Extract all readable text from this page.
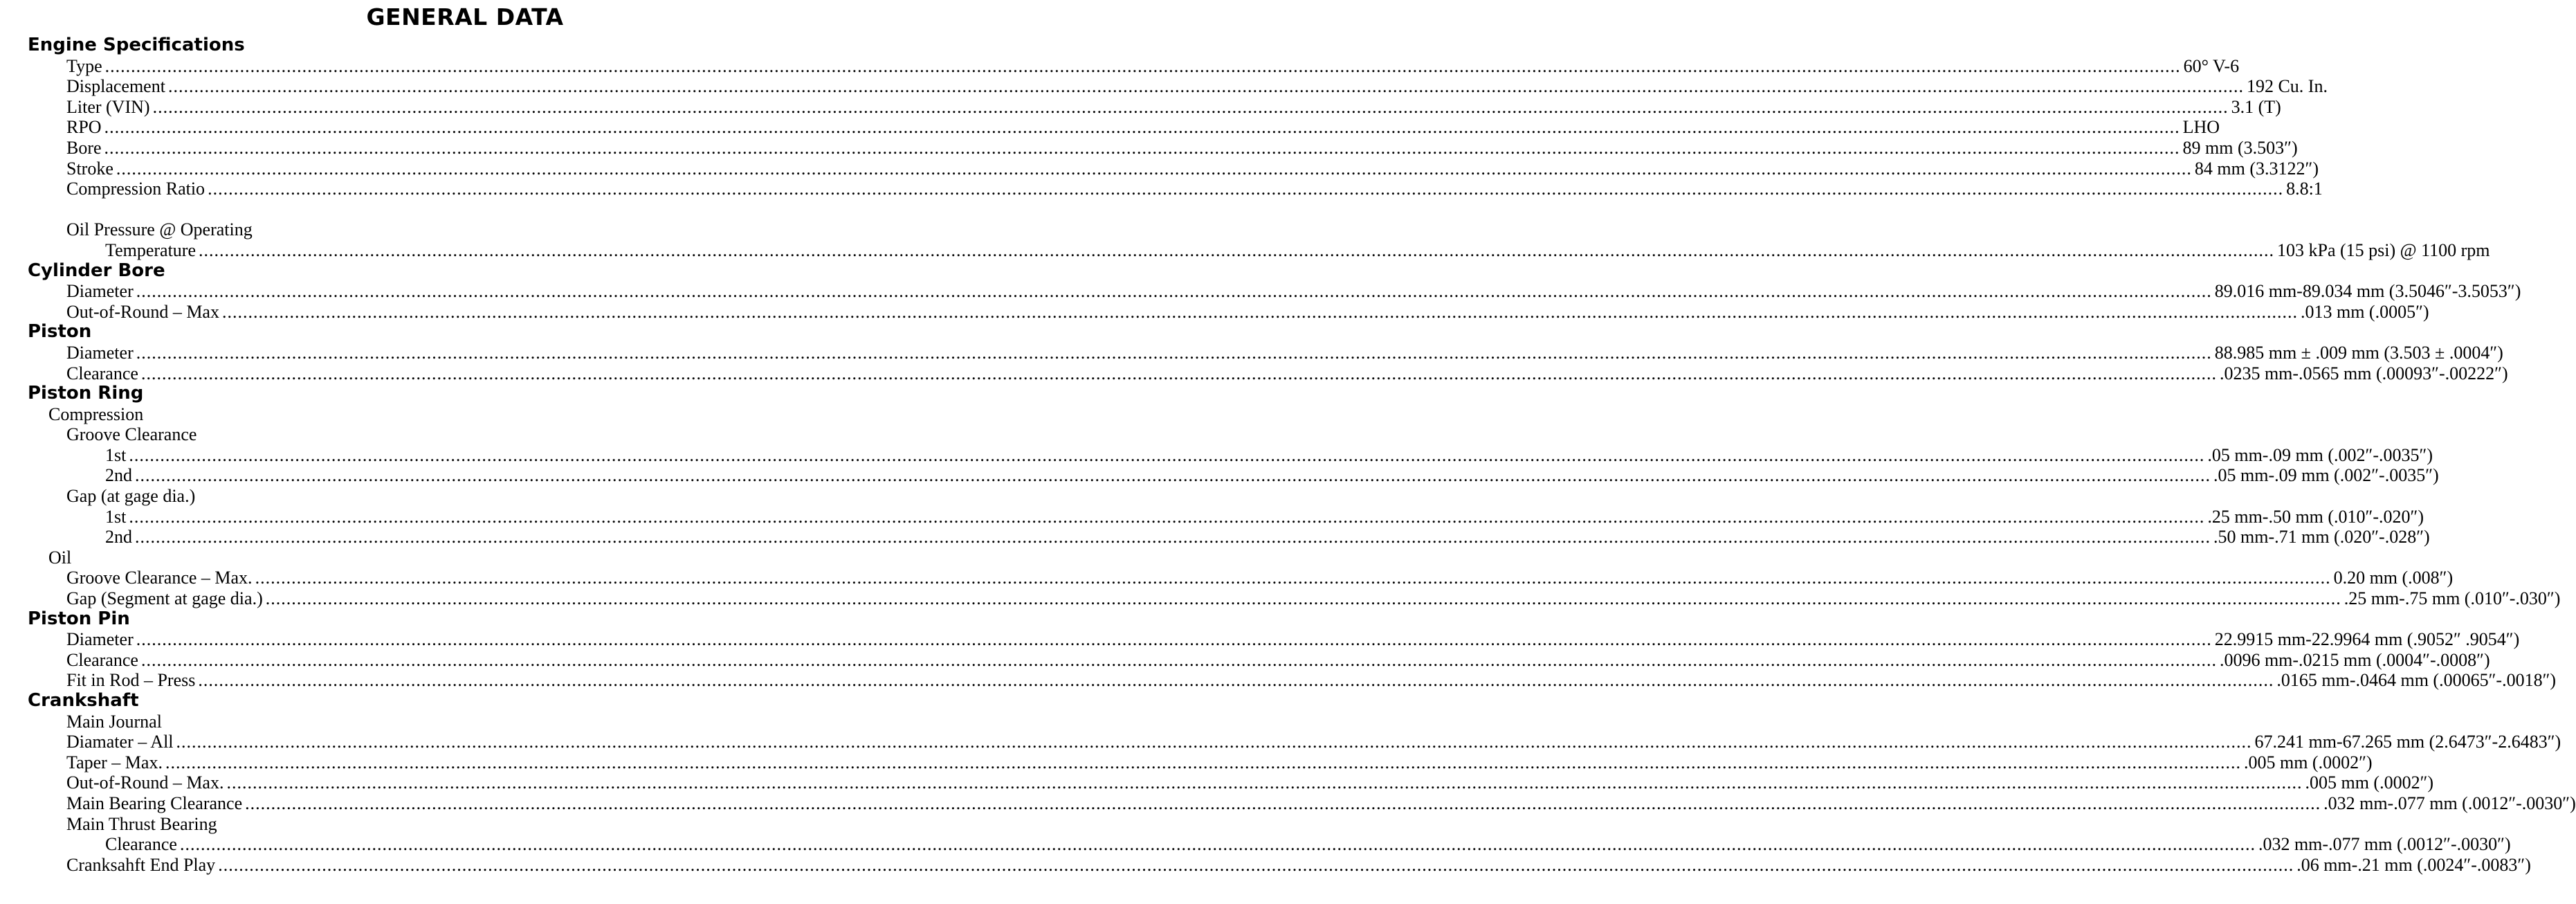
GENERAL DATA
Engine Specifications
Type ................................................................................................................................................................................................................................................................................................................................................................................................................ 60° V-6
Displacement ................................................................................................................................................................................................................................................................................................................................................................................................................ 192 Cu. In.
Liter (VIN) ................................................................................................................................................................................................................................................................................................................................................................................................................ 3.1 (T)
RPO ................................................................................................................................................................................................................................................................................................................................................................................................................ LHO
Bore ................................................................................................................................................................................................................................................................................................................................................................................................................ 89 mm (3.503″)
Stroke ................................................................................................................................................................................................................................................................................................................................................................................................................ 84 mm (3.3122″)
Compression Ratio ................................................................................................................................................................................................................................................................................................................................................................................................................ 8.8:1
Oil Pressure @ Operating
Temperature ................................................................................................................................................................................................................................................................................................................................................................................................................ 103 kPa (15 psi) @ 1100 rpm
Cylinder Bore
Diameter ................................................................................................................................................................................................................................................................................................................................................................................................................ 89.016 mm-89.034 mm (3.5046″-3.5053″)
Out-of-Round – Max ................................................................................................................................................................................................................................................................................................................................................................................................................ .013 mm (.0005″)
Piston
Diameter ................................................................................................................................................................................................................................................................................................................................................................................................................ 88.985 mm ± .009 mm (3.503 ± .0004″)
Clearance ................................................................................................................................................................................................................................................................................................................................................................................................................ .0235 mm-.0565 mm (.00093″-.00222″)
Piston Ring
Compression
Groove Clearance
1st ................................................................................................................................................................................................................................................................................................................................................................................................................ .05 mm-.09 mm (.002″-.0035″)
2nd ................................................................................................................................................................................................................................................................................................................................................................................................................ .05 mm-.09 mm (.002″-.0035″)
Gap (at gage dia.)
1st ................................................................................................................................................................................................................................................................................................................................................................................................................ .25 mm-.50 mm (.010″-.020″)
2nd ................................................................................................................................................................................................................................................................................................................................................................................................................ .50 mm-.71 mm (.020″-.028″)
Oil
Groove Clearance – Max. ................................................................................................................................................................................................................................................................................................................................................................................................................ 0.20 mm (.008″)
Gap (Segment at gage dia.) ................................................................................................................................................................................................................................................................................................................................................................................................................ .25 mm-.75 mm (.010″-.030″)
Piston Pin
Diameter ................................................................................................................................................................................................................................................................................................................................................................................................................ 22.9915 mm-22.9964 mm (.9052″ .9054″)
Clearance ................................................................................................................................................................................................................................................................................................................................................................................................................ .0096 mm-.0215 mm (.0004″-.0008″)
Fit in Rod – Press ................................................................................................................................................................................................................................................................................................................................................................................................................ .0165 mm-.0464 mm (.00065″-.0018″)
Crankshaft
Main Journal
Diamater – All ................................................................................................................................................................................................................................................................................................................................................................................................................ 67.241 mm-67.265 mm (2.6473″-2.6483″)
Taper – Max. ................................................................................................................................................................................................................................................................................................................................................................................................................ .005 mm (.0002″)
Out-of-Round – Max. ................................................................................................................................................................................................................................................................................................................................................................................................................ .005 mm (.0002″)
Main Bearing Clearance ................................................................................................................................................................................................................................................................................................................................................................................................................ .032 mm-.077 mm (.0012″-.0030″)
Main Thrust Bearing
Clearance ................................................................................................................................................................................................................................................................................................................................................................................................................ .032 mm-.077 mm (.0012″-.0030″)
Cranksahft End Play ................................................................................................................................................................................................................................................................................................................................................................................................................ .06 mm-.21 mm (.0024″-.0083″)
